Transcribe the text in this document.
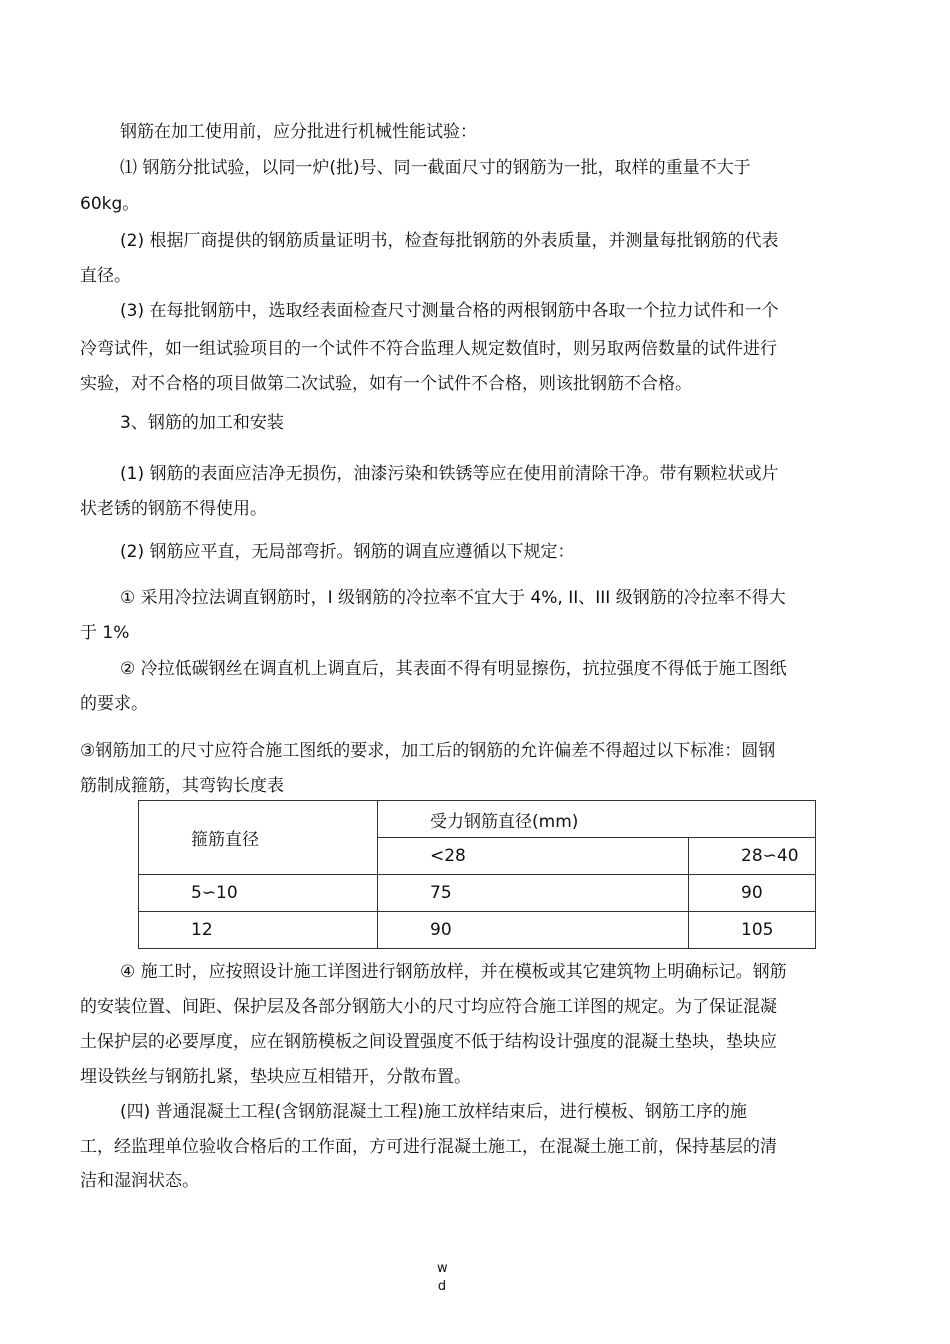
钢筋在加工使用前，应分批进行机械性能试验：
⑴ 钢筋分批试验，以同一炉(批)号、同一截面尺寸的钢筋为一批，取样的重量不大于
60kg。
(2) 根据厂商提供的钢筋质量证明书，检查每批钢筋的外表质量，并测量每批钢筋的代表
直径。
(3) 在每批钢筋中，选取经表面检查尺寸测量合格的两根钢筋中各取一个拉力试件和一个
冷弯试件，如一组试验项目的一个试件不符合监理人规定数值时，则另取两倍数量的试件进行
实验，对不合格的项目做第二次试验，如有一个试件不合格，则该批钢筋不合格。
3、钢筋的加工和安装
(1) 钢筋的表面应洁净无损伤，油漆污染和铁锈等应在使用前清除干净。带有颗粒状或片
状老锈的钢筋不得使用。
(2) 钢筋应平直，无局部弯折。钢筋的调直应遵循以下规定：
① 采用冷拉法调直钢筋时，I 级钢筋的冷拉率不宜大于 4%, II、III 级钢筋的冷拉率不得大
于 1%
② 冷拉低碳钢丝在调直机上调直后，其表面不得有明显擦伤，抗拉强度不得低于施工图纸
的要求。
③钢筋加工的尺寸应符合施工图纸的要求，加工后的钢筋的允许偏差不得超过以下标准：圆钢
筋制成箍筋，其弯钩长度表
箍筋直径	受力钢筋直径(mm)	
	<28	28∽40
5∽10	75	90
12	90	105
④ 施工时，应按照设计施工详图进行钢筋放样，并在模板或其它建筑物上明确标记。钢筋
的安装位置、间距、保护层及各部分钢筋大小的尺寸均应符合施工详图的规定。为了保证混凝
土保护层的必要厚度，应在钢筋模板之间设置强度不低于结构设计强度的混凝土垫块，垫块应
埋设铁丝与钢筋扎紧，垫块应互相错开，分散布置。
(四) 普通混凝土工程(含钢筋混凝土工程)施工放样结束后，进行模板、钢筋工序的施
工，经监理单位验收合格后的工作面，方可进行混凝土施工，在混凝土施工前，保持基层的清
洁和湿润状态。
w
d
